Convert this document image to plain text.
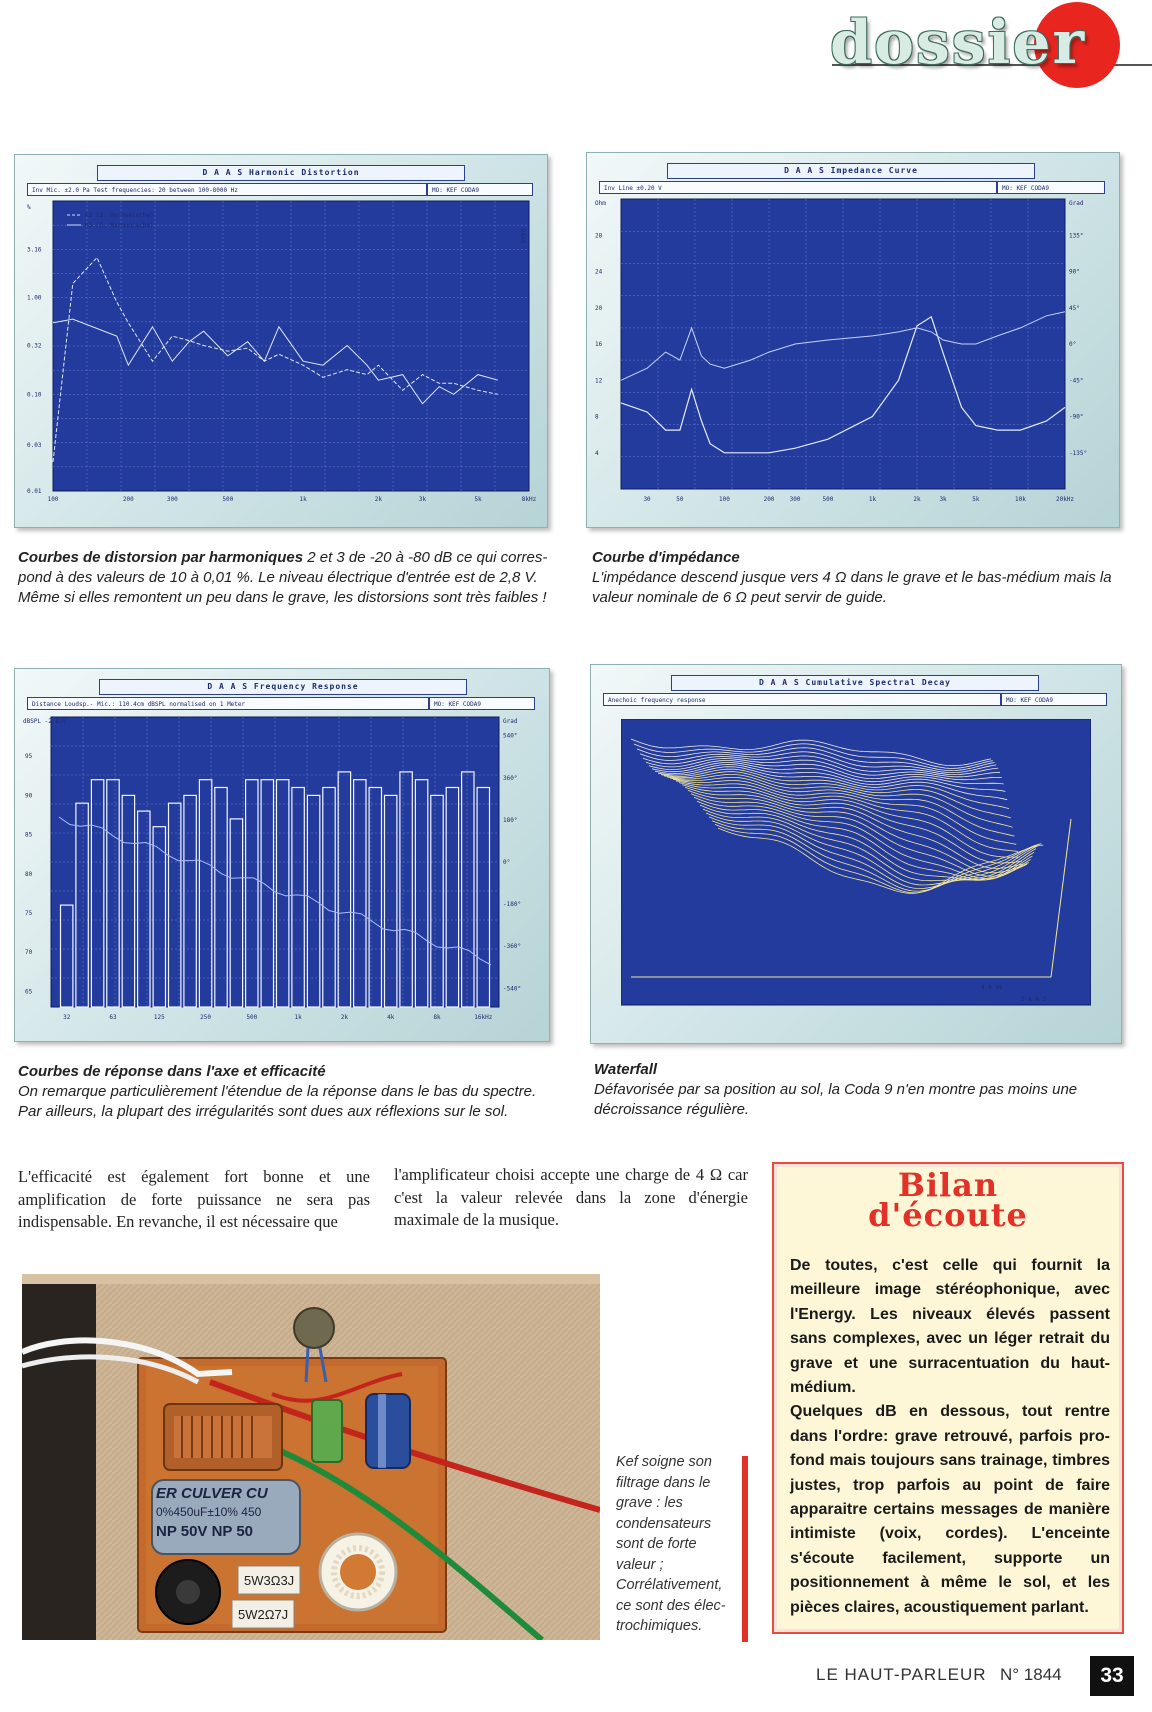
dossier
D A A S Harmonic Distortion
Inv Mic. ±2.0 Pa Test frequencies: 20 between 100-8000 Hz	MO: KEF CODA9
100	200	300	500	1k	2k	3k	5k	8kHz
%
3.16
1.00
0.32
0.10
0.03
0.01
DAAS
K2 (2. Harmonische)
K3 (3. Harmonische)
D A A S Impedance Curve
Inv Line ±0.20 V	MO: KEF CODA9
30	50	100	200	300	500	1k	2k	3k	5k	10k	20kHz
Ohm
28
24
20
16
12
8
4
Grad
135°
90°
45°
0°
-45°
-90°
-135°
Courbes de distorsion par harmoniques 2 et 3 de -20 à -80 dB ce qui corres-
pond à des valeurs de 10 à 0,01 %. Le niveau électrique d'entrée est de 2,8 V.
Même si elles remontent un peu dans le grave, les distorsions sont très faibles !
Courbe d'impédance
L'impédance descend jusque vers 4 Ω dans le grave et le bas-médium mais la
valeur nominale de 6 Ω peut servir de guide.
D A A S Frequency Response
Distance Loudsp.- Mic.: 110.4cm dBSPL normalised on 1 Meter	MO: KEF CODA9
32	63	125	250	500	1k	2k	4k	8k	16kHz
95
90
85
80
75
70
65
Grad
540°
360°
180°
0°
-180°
-360°
-540°
dBSPL -2.83V
D A A S Cumulative Spectral Decay
Anechoic frequency response	MO: KEF CODA9
D A A S
4.0 ms
Courbes de réponse dans l'axe et efficacité
On remarque particulièrement l'étendue de la réponse dans le bas du spectre.
Par ailleurs, la plupart des irrégularités sont dues aux réflexions sur le sol.
Waterfall
Défavorisée par sa position au sol, la Coda 9 n'en montre pas moins une
décroissance régulière.
L'efficacité est également fort bonne et une amplification de forte puissance ne sera pas indispensable. En revanche, il est nécessaire que
l'amplificateur choisi accepte une charge de 4 Ω car c'est la valeur relevée dans la zone d'énergie maximale de la musique.
ER CULVER CU
0%450uF±10% 450
NP 50V NP 50
5W3Ω3J
5W2Ω7J
Kef soigne son filtrage dans le grave : les condensateurs sont de forte valeur ; Corrélativement, ce sont des élec-trochimiques.
Bilan
d'écoute
De toutes, c'est celle qui fournit la meilleure image stéréophonique, avec l'Energy. Les niveaux élevés passent sans complexes, avec un léger retrait du grave et une surracentuation du haut-médium.
Quelques dB en dessous, tout rentre dans l'ordre: grave retrouvé, parfois pro-fond mais toujours sans trainage, timbres justes, trop parfois au point de faire apparaitre certains messages de manière intimiste (voix, cordes). L'enceinte s'écoute facilement, supporte un positionnement à même le sol, et les pièces claires, acoustiquement parlant.
LE HAUT-PARLEUR N° 1844	33
